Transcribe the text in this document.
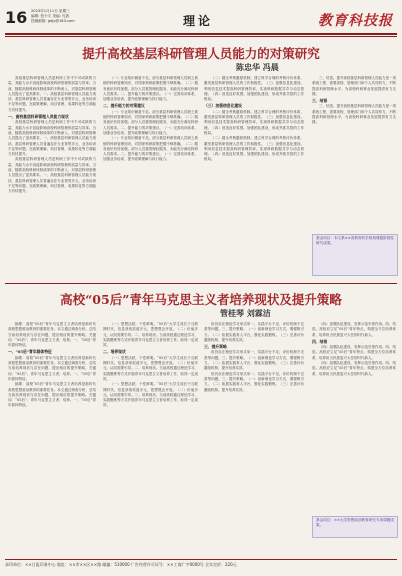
16 2023年1月11日 星期三
编辑: 张小宇 美编: 孔波
投稿邮箱: gdjy@163.com	理论	教育科技报
提升高校基层科研管理人员能力的对策研究
陈忠华 冯晨

高校基层科研管理人员是科研工作中不可或缺的力量，其能力水平直接影响高校科研管理的质量与效率。当前，随着高校科研体制改革的不断深入，对基层科研管理人员提出了更高要求。一、高校基层科研管理人员能力现状。基层科研管理人员普遍存在专业背景多元、业务培训不足等问题，在政策理解、项目管理、成果转化等方面能力有待提升。

一、高校基层科研管理人员能力现状

高校基层科研管理人员是科研工作中不可或缺的力量，其能力水平直接影响高校科研管理的质量与效率。当前，随着高校科研体制改革的不断深入，对基层科研管理人员提出了更高要求。一、高校基层科研管理人员能力现状。基层科研管理人员普遍存在专业背景多元、业务培训不足等问题，在政策理解、项目管理、成果转化等方面能力有待提升。

高校基层科研管理人员是科研工作中不可或缺的力量，其能力水平直接影响高校科研管理的质量与效率。当前，随着高校科研体制改革的不断深入，对基层科研管理人员提出了更高要求。一、高校基层科研管理人员能力现状。基层科研管理人员普遍存在专业背景多元、业务培训不足等问题，在政策理解、项目管理、成果转化等方面能力有待提升。

（一）专业知识储备不足。部分基层科研管理人员缺乏系统的科研管理知识，对国家科研政策把握不够准确。（二）服务意识有待加强。部分人员重管理轻服务，未能充分满足科研人员需求。二、提升能力的对策建议。（一）完善培训体系，加强业务培训，提升政策理解与执行能力。

二、提升能力的对策建议

（一）专业知识储备不足。部分基层科研管理人员缺乏系统的科研管理知识，对国家科研政策把握不够准确。（二）服务意识有待加强。部分人员重管理轻服务，未能充分满足科研人员需求。二、提升能力的对策建议。（一）完善培训体系，加强业务培训，提升政策理解与执行能力。

（一）专业知识储备不足。部分基层科研管理人员缺乏系统的科研管理知识，对国家科研政策把握不够准确。（二）服务意识有待加强。部分人员重管理轻服务，未能充分满足科研人员需求。二、提升能力的对策建议。（一）完善培训体系，加强业务培训，提升政策理解与执行能力。

（二）健全考核激励机制。建立科学合理的考核评价体系，激发基层科研管理人员的工作积极性。（三）加强信息化建设。利用信息技术提高科研管理效率，实现科研数据共享与动态管理。（四）营造良好氛围。加强团队建设，形成齐抓共管的工作格局。

（三）加强信息化建设

（二）健全考核激励机制。建立科学合理的考核评价体系，激发基层科研管理人员的工作积极性。（三）加强信息化建设。利用信息技术提高科研管理效率，实现科研数据共享与动态管理。（四）营造良好氛围。加强团队建设，形成齐抓共管的工作格局。

（二）健全考核激励机制。建立科学合理的考核评价体系，激发基层科研管理人员的工作积极性。（三）加强信息化建设。利用信息技术提高科研管理效率，实现科研数据共享与动态管理。（四）营造良好氛围。加强团队建设，形成齐抓共管的工作格局。

三、结语。提升高校基层科研管理人员能力是一项系统工程，需要高校、管理部门和个人共同努力，不断提高科研管理水平，为高校科研事业发展提供有力支撑。

三、结语

三、结语。提升高校基层科研管理人员能力是一项系统工程，需要高校、管理部门和个人共同努力，不断提高科研管理水平，为高校科研事业发展提供有力支撑。

基金项目：本文系××省教育科学规划课题阶段性研究成果。

高校“05后”青年马克思主义者培养现状及提升策略
管桂琴 刘霖洁

摘要：高校“05后”青年马克思主义者培养是新时代高校思想政治教育的重要任务。本文通过调查分析，总结当前培养现状与存在问题，提出相应的提升策略。关键词：“05后”；青年马克思主义者；培养。一、“05后”青年群体特征。

一、“05后”青年群体特征

摘要：高校“05后”青年马克思主义者培养是新时代高校思想政治教育的重要任务。本文通过调查分析，总结当前培养现状与存在问题，提出相应的提升策略。关键词：“05后”；青年马克思主义者；培养。一、“05后”青年群体特征。

摘要：高校“05后”青年马克思主义者培养是新时代高校思想政治教育的重要任务。本文通过调查分析，总结当前培养现状与存在问题，提出相应的提升策略。关键词：“05后”；青年马克思主义者；培养。一、“05后”青年群体特征。

（一）思想活跃，个性鲜明。“05后”大学生成长于互联网时代，信息获取渠道多元，思想观念开放。（二）价值多元，认同需要引导。二、培养现状。当前高校通过理论学习、实践锻炼等方式开展青年马克思主义者培养工作，取得一定成效。

二、培养现状

（一）思想活跃，个性鲜明。“05后”大学生成长于互联网时代，信息获取渠道多元，思想观念开放。（二）价值多元，认同需要引导。二、培养现状。当前高校通过理论学习、实践锻炼等方式开展青年马克思主义者培养工作，取得一定成效。

（一）思想活跃，个性鲜明。“05后”大学生成长于互联网时代，信息获取渠道多元，思想观念开放。（二）价值多元，认同需要引导。二、培养现状。当前高校通过理论学习、实践锻炼等方式开展青年马克思主义者培养工作，取得一定成效。

但仍存在理论学习形式单一、实践平台不足、评价机制不完善等问题。三、提升策略。（一）创新理论学习方式，增强吸引力。（二）拓展实践育人平台，强化实践锻炼。（三）完善评价激励机制，提升培养实效。

三、提升策略

但仍存在理论学习形式单一、实践平台不足、评价机制不完善等问题。三、提升策略。（一）创新理论学习方式，增强吸引力。（二）拓展实践育人平台，强化实践锻炼。（三）完善评价激励机制，提升培养实效。

但仍存在理论学习形式单一、实践平台不足、评价机制不完善等问题。三、提升策略。（一）创新理论学习方式，增强吸引力。（二）拓展实践育人平台，强化实践锻炼。（三）完善评价激励机制，提升培养实效。

（四）加强队伍建设，发挥示范引领作用。四、结语。高校应立足“05后”青年特点，构建全方位培养体系，培养担当民族复兴大任的时代新人。

四、结语

（四）加强队伍建设，发挥示范引领作用。四、结语。高校应立足“05后”青年特点，构建全方位培养体系，培养担当民族复兴大任的时代新人。

（四）加强队伍建设，发挥示范引领作用。四、结语。高校应立足“05后”青年特点，构建全方位培养体系，培养担当民族复兴大任的时代新人。

基金项目：××大学思想政治教育研究专项课题成果。

承印单位：××日报印务中心 地址：××市××区××路 邮编：510000 广告经营许可证号：××工商广字0000号 全年定价：220元
